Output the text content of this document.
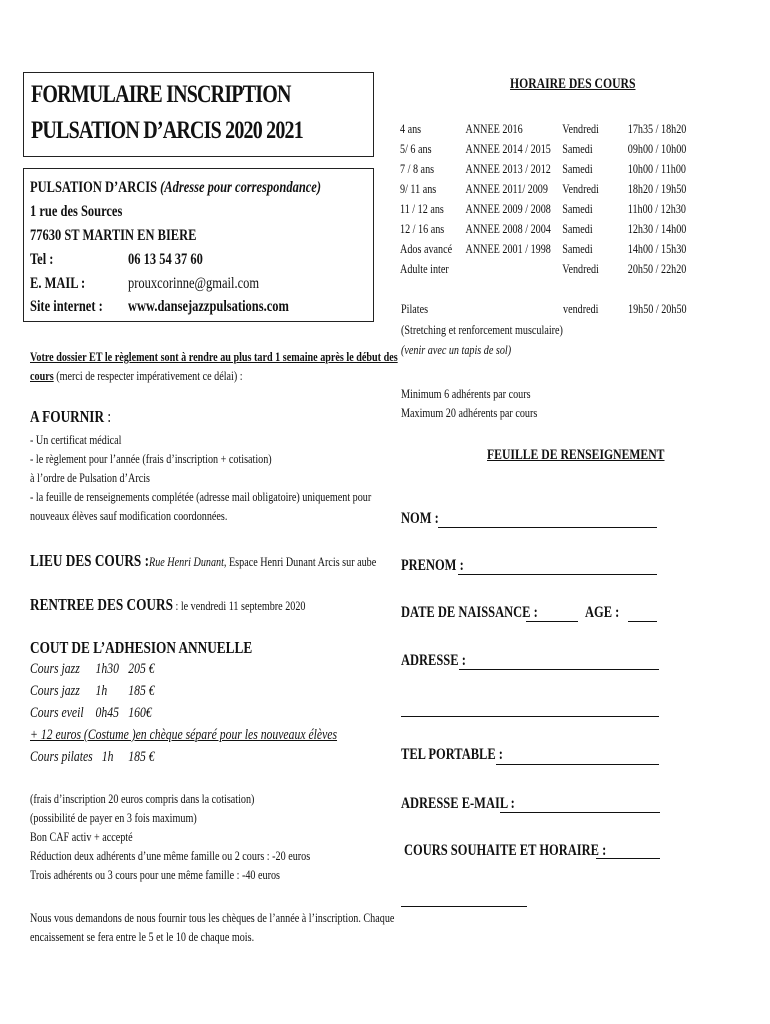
FORMULAIRE INSCRIPTION
PULSATION D’ARCIS 2020 2021
PULSATION D’ARCIS (Adresse pour correspondance)
1 rue des Sources
77630 ST MARTIN EN BIERE
Tel :	06 13 54 37 60
E. MAIL :	prouxcorinne@gmail.com
Site internet : www.dansejazzpulsations.com
Votre dossier ET le règlement sont à rendre au plus tard 1 semaine après le début des
cours (merci de respecter impérativement ce délai) :
A FOURNIR :
- Un certificat médical
- le règlement pour l’année (frais d’inscription + cotisation)
à l’ordre de Pulsation d’Arcis
- la feuille de renseignements complétée (adresse mail obligatoire) uniquement pour
nouveaux élèves sauf modification coordonnées.
LIEU DES COURS :Rue Henri Dunant, Espace Henri Dunant Arcis sur aube
RENTREE DES COURS : le vendredi 11 septembre 2020
COUT DE L’ADHESION ANNUELLE
Cours jazz 1h30 205 €
Cours jazz 1h 185 €
Cours eveil 0h45 160€
+ 12 euros (Costume )en chèque séparé pour les nouveaux élèves
Cours pilates 1h 185 €
(frais d’inscription 20 euros compris dans la cotisation)
(possibilité de payer en 3 fois maximum)
Bon CAF activ + accepté
Réduction deux adhérents d’une même famille ou 2 cours : -20 euros
Trois adhérents ou 3 cours pour une même famille : -40 euros
Nous vous demandons de nous fournir tous les chèques de l’année à l’inscription. Chaque
encaissement se fera entre le 5 et le 10 de chaque mois.
HORAIRE DES COURS
4 ans	ANNEE 2016	Vendredi	17h35 / 18h20
5/ 6 ans	ANNEE 2014 / 2015	Samedi	09h00 / 10h00
7 / 8 ans	ANNEE 2013 / 2012	Samedi	10h00 / 11h00
9/ 11 ans	ANNEE 2011/ 2009	Vendredi	18h20 / 19h50
11 / 12 ans	ANNEE 2009 / 2008	Samedi	11h00 / 12h30
12 / 16 ans	ANNEE 2008 / 2004	Samedi	12h30 / 14h00
Ados avancé	ANNEE 2001 / 1998	Samedi	14h00 / 15h30
Adulte inter		Vendredi	20h50 / 22h20
Pilates	vendredi 19h50 / 20h50
(Stretching et renforcement musculaire)
(venir avec un tapis de sol)
Minimum 6 adhérents par cours
Maximum 20 adhérents par cours
FEUILLE DE RENSEIGNEMENT
NOM :
PRENOM :
DATE DE NAISSANCE :	AGE :
ADRESSE :
TEL PORTABLE :
ADRESSE E-MAIL :
COURS SOUHAITE ET HORAIRE :
